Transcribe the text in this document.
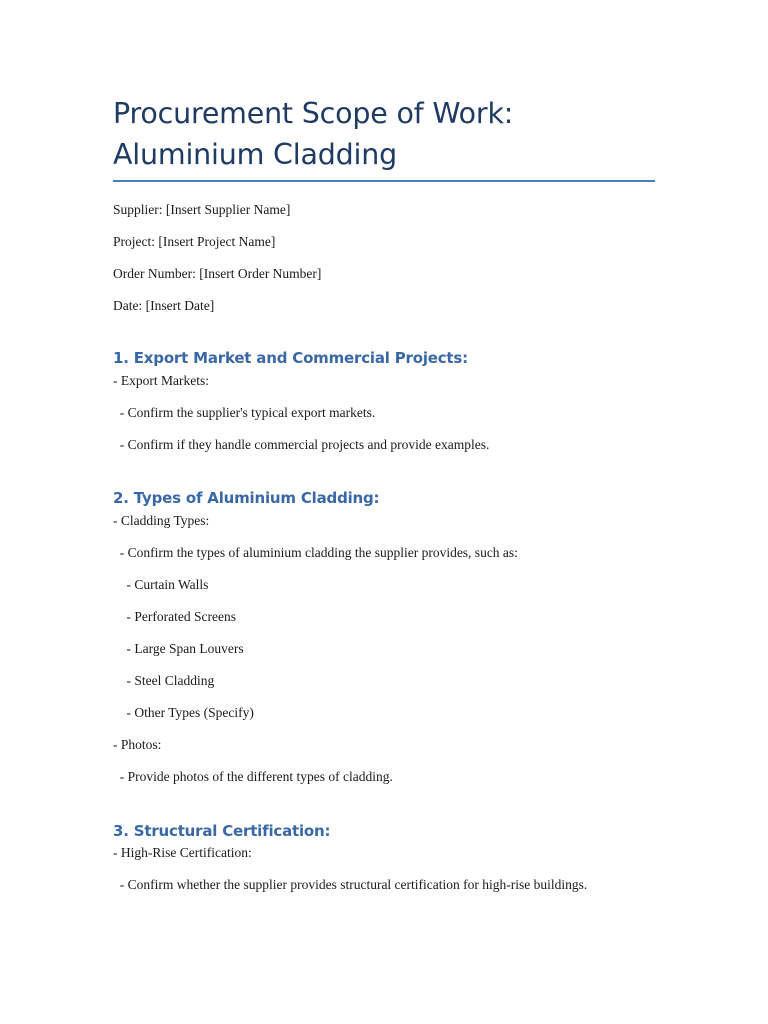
Procurement Scope of Work:
Aluminium Cladding
Supplier: [Insert Supplier Name]
Project: [Insert Project Name]
Order Number: [Insert Order Number]
Date: [Insert Date]
1. Export Market and Commercial Projects:
- Export Markets:
- Confirm the supplier's typical export markets.
- Confirm if they handle commercial projects and provide examples.
2. Types of Aluminium Cladding:
- Cladding Types:
- Confirm the types of aluminium cladding the supplier provides, such as:
- Curtain Walls
- Perforated Screens
- Large Span Louvers
- Steel Cladding
- Other Types (Specify)
- Photos:
- Provide photos of the different types of cladding.
3. Structural Certification:
- High-Rise Certification:
- Confirm whether the supplier provides structural certification for high-rise buildings.
